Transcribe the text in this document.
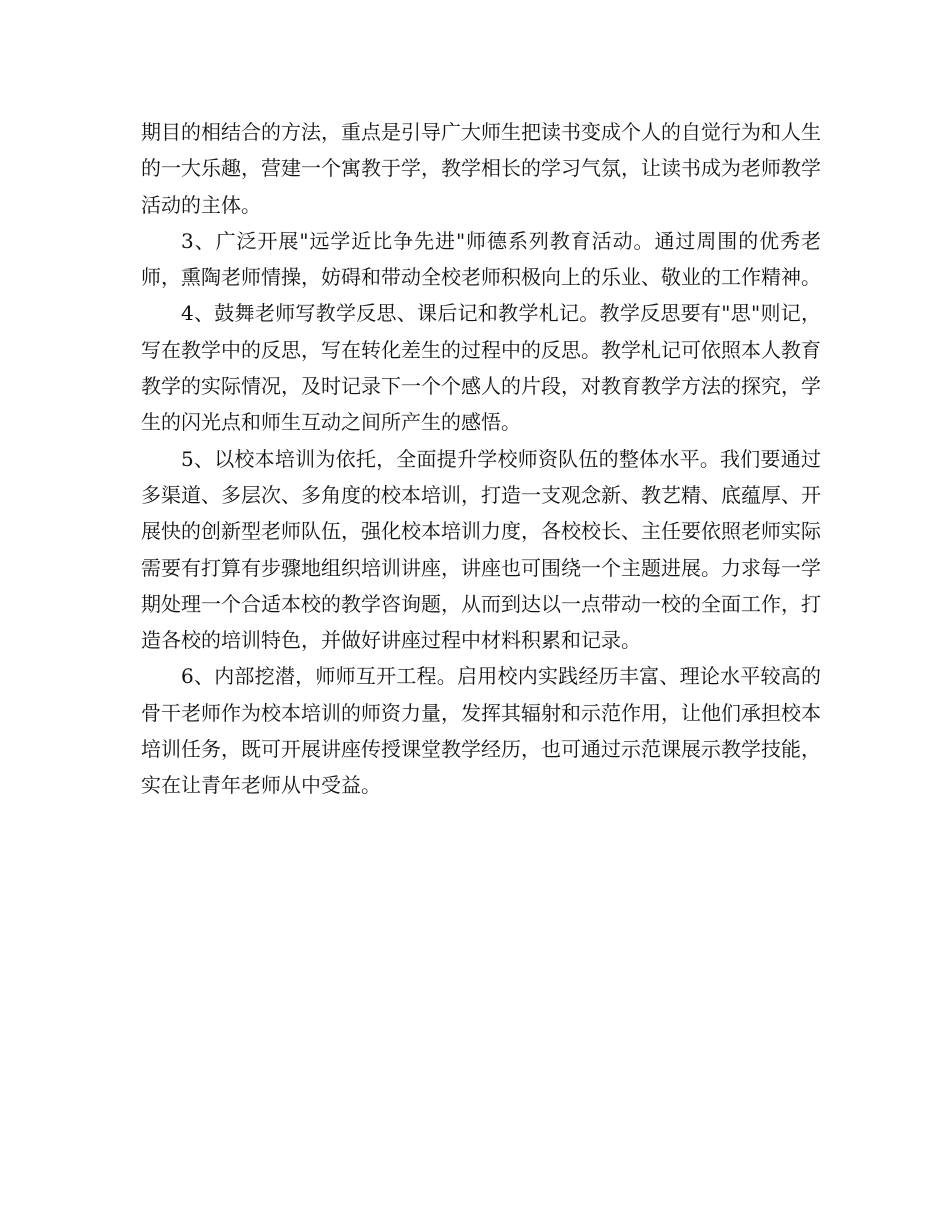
期目的相结合的方法，重点是引导广大师生把读书变成个人的自觉行为和人生的一大乐趣，营建一个寓教于学，教学相长的学习气氛，让读书成为老师教学活动的主体。

3、广泛开展"远学近比争先进"师德系列教育活动。通过周围的优秀老师，熏陶老师情操，妨碍和带动全校老师积极向上的乐业、敬业的工作精神。

4、鼓舞老师写教学反思、课后记和教学札记。教学反思要有"思"则记，写在教学中的反思，写在转化差生的过程中的反思。教学札记可依照本人教育教学的实际情况，及时记录下一个个感人的片段，对教育教学方法的探究，学生的闪光点和师生互动之间所产生的感悟。

5、以校本培训为依托，全面提升学校师资队伍的整体水平。我们要通过多渠道、多层次、多角度的校本培训，打造一支观念新、教艺精、底蕴厚、开展快的创新型老师队伍，强化校本培训力度，各校校长、主任要依照老师实际需要有打算有步骤地组织培训讲座，讲座也可围绕一个主题进展。力求每一学期处理一个合适本校的教学咨询题，从而到达以一点带动一校的全面工作，打造各校的培训特色，并做好讲座过程中材料积累和记录。

6、内部挖潜，师师互开工程。启用校内实践经历丰富、理论水平较高的骨干老师作为校本培训的师资力量，发挥其辐射和示范作用，让他们承担校本培训任务，既可开展讲座传授课堂教学经历，也可通过示范课展示教学技能，实在让青年老师从中受益。
